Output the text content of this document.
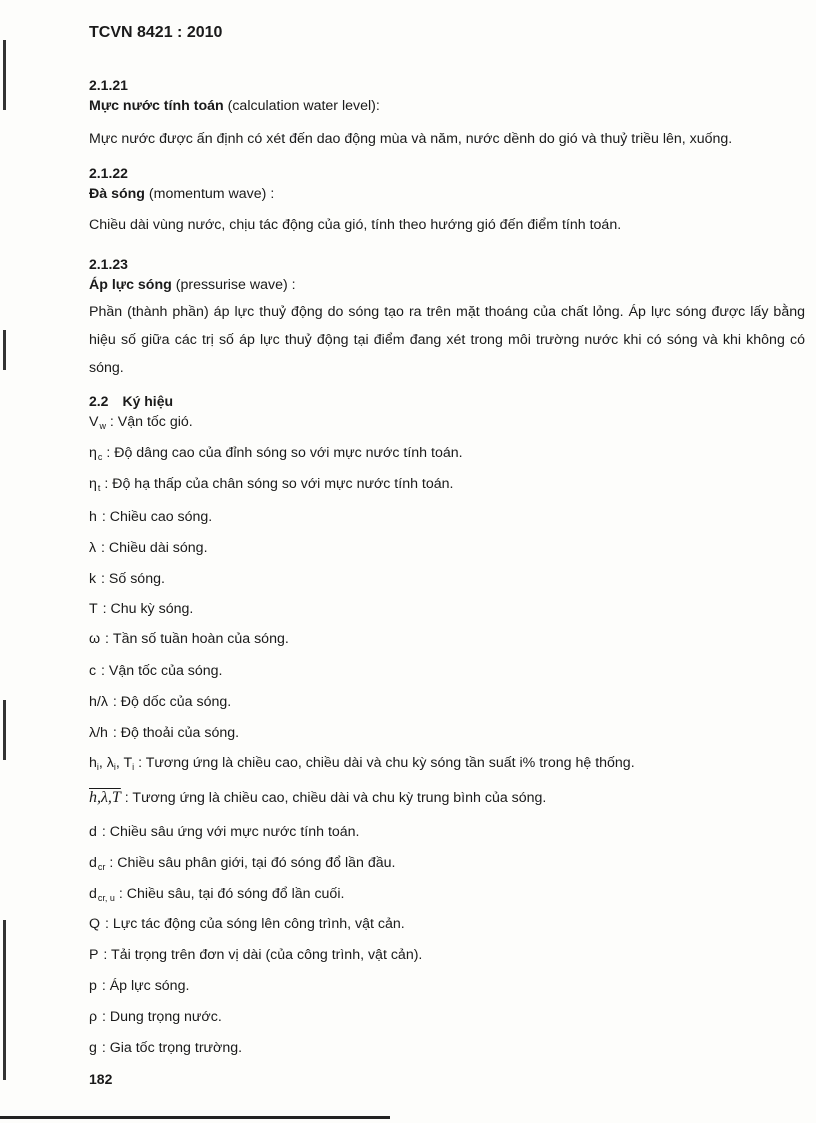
TCVN 8421 : 2010
2.1.21
Mực nước tính toán (calculation water level):
Mực nước được ấn định có xét đến dao động mùa và năm, nước dềnh do gió và thuỷ triều lên, xuống.
2.1.22
Đà sóng (momentum wave) :
Chiều dài vùng nước, chịu tác động của gió, tính theo hướng gió đến điểm tính toán.
2.1.23
Áp lực sóng (pressurise wave) :
Phần (thành phần) áp lực thuỷ động do sóng tạo ra trên mặt thoáng của chất lỏng. Áp lực sóng được lấy bằng hiệu số giữa các trị số áp lực thuỷ động tại điểm đang xét trong môi trường nước khi có sóng và khi không có sóng.
2.2 Ký hiệu
$V_w$ : Vận tốc gió.
$\eta_c$ : Độ dâng cao của đỉnh sóng so với mực nước tính toán.
$\eta_t$ : Độ hạ thấp của chân sóng so với mực nước tính toán.
h : Chiều cao sóng.
λ : Chiều dài sóng.
k : Số sóng.
T : Chu kỳ sóng.
ω : Tần số tuần hoàn của sóng.
c : Vận tốc của sóng.
h/λ : Độ dốc của sóng.
λ/h : Độ thoải của sóng.
$h_i$, $\lambda_i$, $T_i$ : Tương ứng là chiều cao, chiều dài và chu kỳ sóng tần suất i% trong hệ thống.
h,λ,T : Tương ứng là chiều cao, chiều dài và chu kỳ trung bình của sóng.
d : Chiều sâu ứng với mực nước tính toán.
$d_{cr}$ : Chiều sâu phân giới, tại đó sóng đổ lần đầu.
$d_{cr, u}$ : Chiều sâu, tại đó sóng đổ lần cuối.
Q : Lực tác động của sóng lên công trình, vật cản.
P : Tải trọng trên đơn vị dài (của công trình, vật cản).
p : Áp lực sóng.
ρ : Dung trọng nước.
g : Gia tốc trọng trường.
182
